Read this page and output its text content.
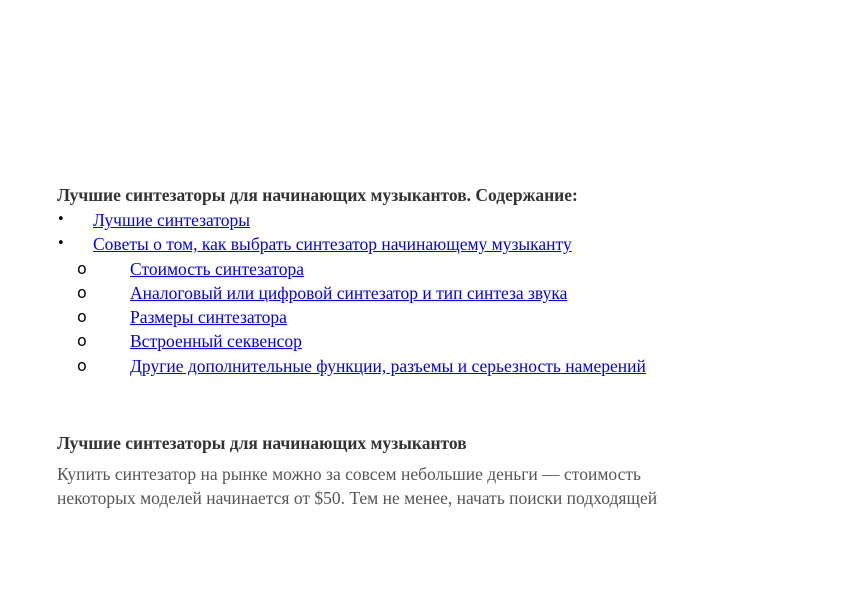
Лучшие синтезаторы для начинающих музыкантов. Содержание:
• Лучшие синтезаторы
• Советы о том, как выбрать синтезатор начинающему музыканту
o Стоимость синтезатора
o Аналоговый или цифровой синтезатор и тип синтеза звука
o Размеры синтезатора
o Встроенный секвенсор
o Другие дополнительные функции, разъемы и серьезность намерений
Лучшие синтезаторы для начинающих музыкантов

Купить синтезатор на рынке можно за совсем небольшие деньги — стоимость

некоторых моделей начинается от $50. Тем не менее, начать поиски подходящей
